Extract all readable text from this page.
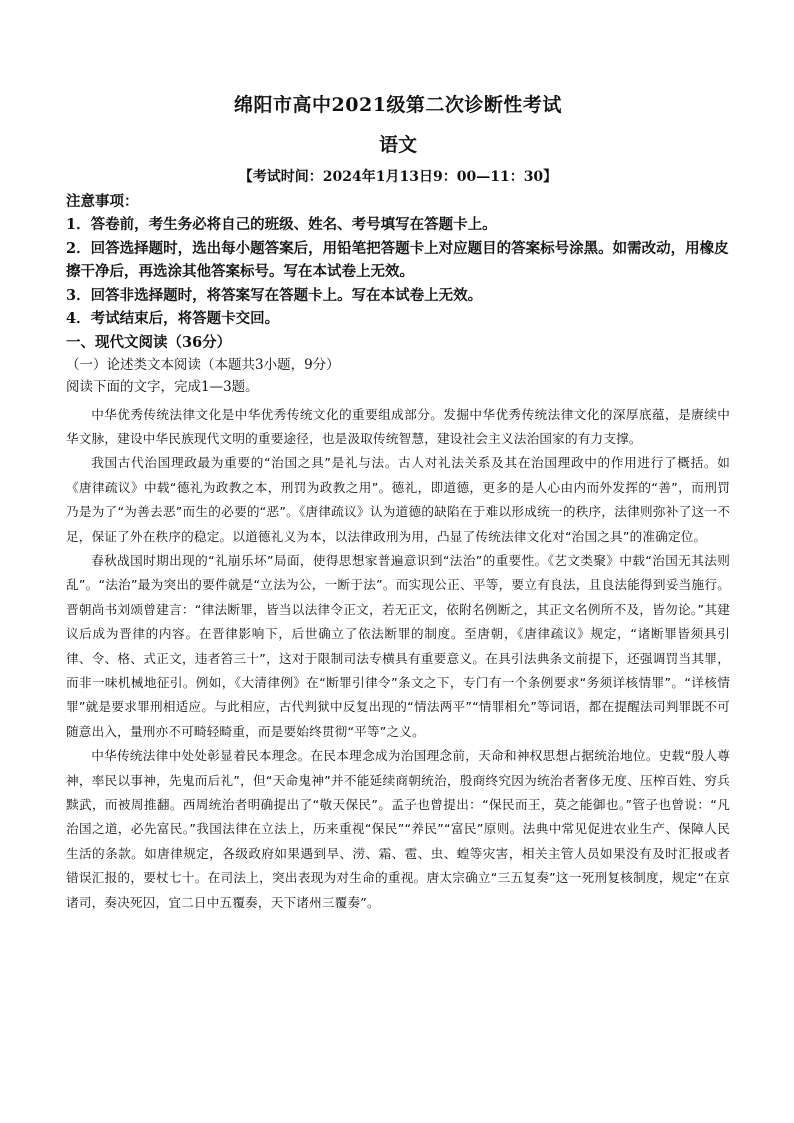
绵阳市高中2021级第二次诊断性考试
语文

【考试时间：2024年1月13日9：00—11：30】

注意事项：

1．答卷前，考生务必将自己的班级、姓名、考号填写在答题卡上。

2．回答选择题时，选出每小题答案后，用铅笔把答题卡上对应题目的答案标号涂黑。如需改动，用橡皮擦干净后，再选涂其他答案标号。写在本试卷上无效。

3．回答非选择题时，将答案写在答题卡上。写在本试卷上无效。

4．考试结束后，将答题卡交回。

一、现代文阅读（36分）

（一）论述类文本阅读（本题共3小题，9分）

阅读下面的文字，完成1—3题。

中华优秀传统法律文化是中华优秀传统文化的重要组成部分。发掘中华优秀传统法律文化的深厚底蕴，是赓续中华文脉，建设中华民族现代文明的重要途径，也是汲取传统智慧，建设社会主义法治国家的有力支撑。

我国古代治国理政最为重要的“治国之具”是礼与法。古人对礼法关系及其在治国理政中的作用进行了概括。如《唐律疏议》中载“德礼为政教之本，刑罚为政教之用”。德礼，即道德，更多的是人心由内而外发挥的“善”，而刑罚乃是为了“为善去恶”而生的必要的“恶”。《唐律疏议》认为道德的缺陷在于难以形成统一的秩序，法律则弥补了这一不足，保证了外在秩序的稳定。以道德礼义为本，以法律政刑为用，凸显了传统法律文化对“治国之具”的准确定位。

春秋战国时期出现的“礼崩乐坏”局面，使得思想家普遍意识到“法治”的重要性。《艺文类聚》中载“治国无其法则乱”。“法治”最为突出的要件就是“立法为公，一断于法”。而实现公正、平等，要立有良法，且良法能得到妥当施行。晋朝尚书刘颂曾建言：“律法断罪，皆当以法律令正文，若无正文，依附名例断之，其正文名例所不及，皆勿论。”其建议后成为晋律的内容。在晋律影响下，后世确立了依法断罪的制度。至唐朝，《唐律疏议》规定，“诸断罪皆须具引律、令、格、式正文，违者笞三十”，这对于限制司法专横具有重要意义。在具引法典条文前提下，还强调罚当其罪，而非一味机械地征引。例如，《大清律例》在“断罪引律令”条文之下，专门有一个条例要求“务须详核情罪”。“详核情罪”就是要求罪刑相适应。与此相应，古代判狱中反复出现的“情法两平”“情罪相允”等词语，都在提醒法司判罪既不可随意出入，量刑亦不可畸轻畸重，而是要始终贯彻“平等”之义。

中华传统法律中处处彰显着民本理念。在民本理念成为治国理念前，天命和神权思想占据统治地位。史载“殷人尊神，率民以事神，先鬼而后礼”，但“天命鬼神”并不能延续商朝统治，殷商终究因为统治者奢侈无度、压榨百姓、穷兵黩武，而被周推翻。西周统治者明确提出了“敬天保民”。孟子也曾提出：“保民而王，莫之能御也。”管子也曾说：“凡治国之道，必先富民。”我国法律在立法上，历来重视“保民”“养民”“富民”原则。法典中常见促进农业生产、保障人民生活的条款。如唐律规定，各级政府如果遇到旱、涝、霜、雹、虫、蝗等灾害，相关主管人员如果没有及时汇报或者错误汇报的，要杖七十。在司法上，突出表现为对生命的重视。唐太宗确立“三五复奏”这一死刑复核制度，规定“在京诸司，奏决死囚，宜二日中五覆奏，天下诸州三覆奏”。
